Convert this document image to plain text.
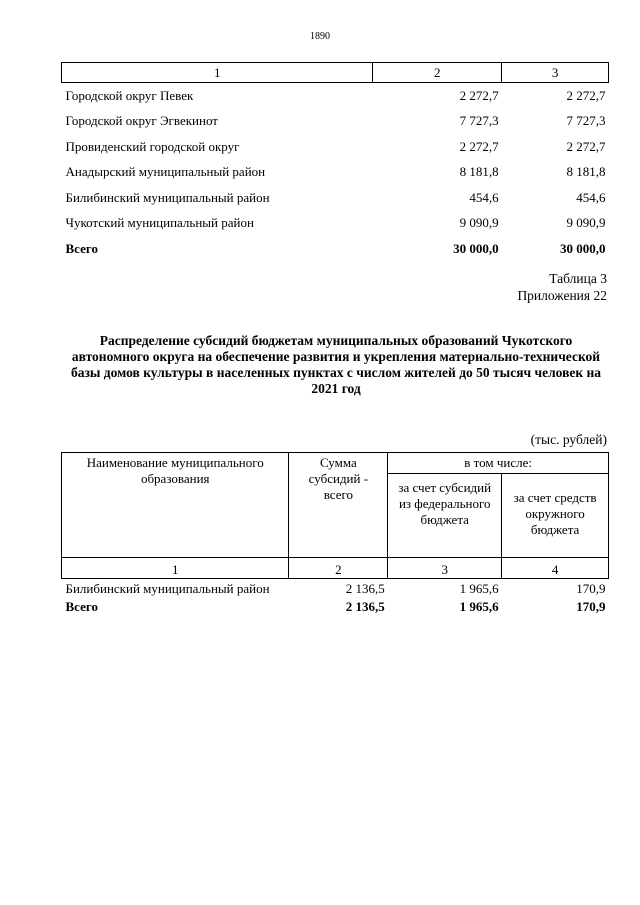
1890
1	2	3
Городской округ Певек	2 272,7	2 272,7
Городской округ Эгвекинот	7 727,3	7 727,3
Провиденский городской округ	2 272,7	2 272,7
Анадырский муниципальный район	8 181,8	8 181,8
Билибинский муниципальный район	454,6	454,6
Чукотский муниципальный район	9 090,9	9 090,9
Всего	30 000,0	30 000,0
Таблица 3
Приложения 22
Распределение субсидий бюджетам муниципальных образований Чукотского автономного округа на обеспечение развития и укрепления материально-технической базы домов культуры в населенных пунктах с числом жителей до 50 тысяч человек на 2021 год
(тыс. рублей)
Наименование муниципального образования	Сумма субсидий - всего	в том числе:	
		за счет субсидий из федерального бюджета	за счет средств окружного бюджета
1	2	3	4
Билибинский муниципальный район	2 136,5	1 965,6	170,9
Всего	2 136,5	1 965,6	170,9
